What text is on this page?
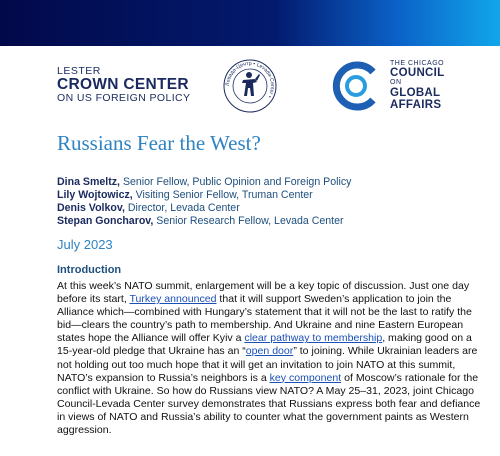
LESTER
CROWN CENTER
ON US FOREIGN POLICY
Левада-Центр • Levada-Center •
THE CHICAGO
COUNCIL
ON
GLOBAL
AFFAIRS
Russians Fear the West?
Dina Smeltz, Senior Fellow, Public Opinion and Foreign Policy
Lily Wojtowicz, Visiting Senior Fellow, Truman Center
Denis Volkov, Director, Levada Center
Stepan Goncharov, Senior Research Fellow, Levada Center
July 2023
Introduction

At this week’s NATO summit, enlargement will be a key topic of discussion. Just one day before its start, Turkey announced that it will support Sweden’s application to join the Alliance which—combined with Hungary’s statement that it will not be the last to ratify the bid—clears the country’s path to membership. And Ukraine and nine Eastern European states hope the Alliance will offer Kyiv a clear pathway to membership, making good on a 15-year-old pledge that Ukraine has an “open door” to joining. While Ukrainian leaders are not holding out too much hope that it will get an invitation to join NATO at this summit, NATO’s expansion to Russia’s neighbors is a key component of Moscow’s rationale for the conflict with Ukraine. So how do Russians view NATO? A May 25–31, 2023, joint Chicago Council-Levada Center survey demonstrates that Russians express both fear and defiance in views of NATO and Russia’s ability to counter what the government paints as Western aggression.
